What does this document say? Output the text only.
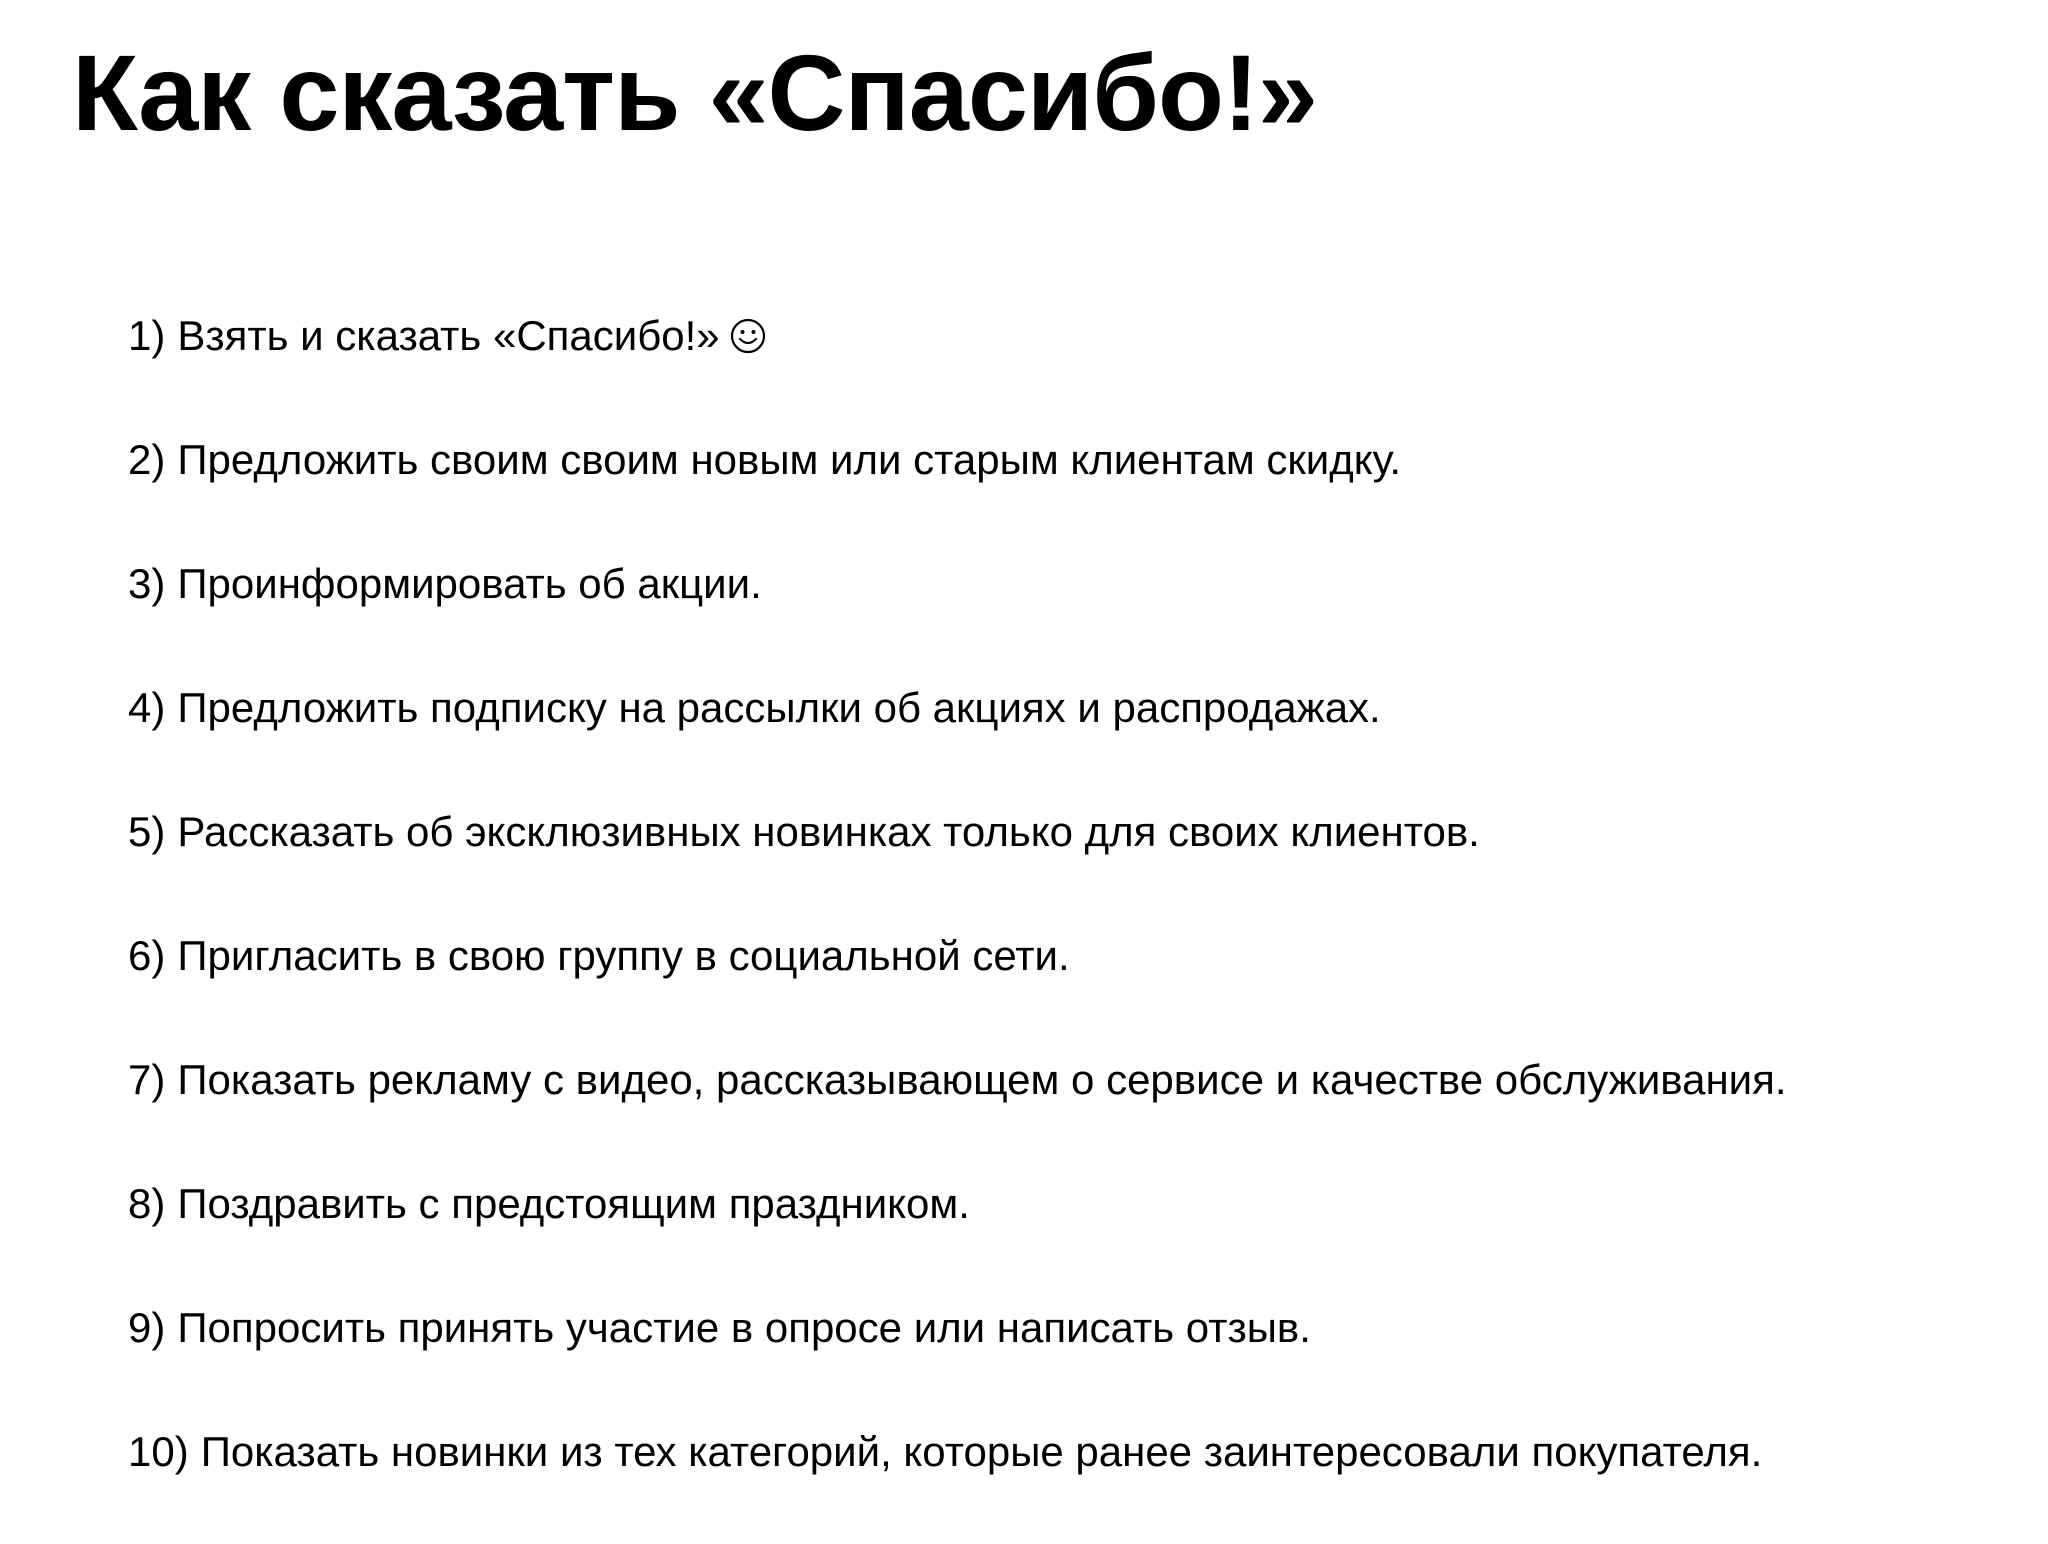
Как сказать «Спасибо!»
1) Взять и сказать «Спасибо!»
2) Предложить своим своим новым или старым клиентам скидку.
3) Проинформировать об акции.
4) Предложить подписку на рассылки об акциях и распродажах.
5) Рассказать об эксклюзивных новинках только для своих клиентов.
6) Пригласить в свою группу в социальной сети.
7) Показать рекламу с видео, рассказывающем о сервисе и качестве обслуживания.
8) Поздравить с предстоящим праздником.
9) Попросить принять участие в опросе или написать отзыв.
10) Показать новинки из тех категорий, которые ранее заинтересовали покупателя.
